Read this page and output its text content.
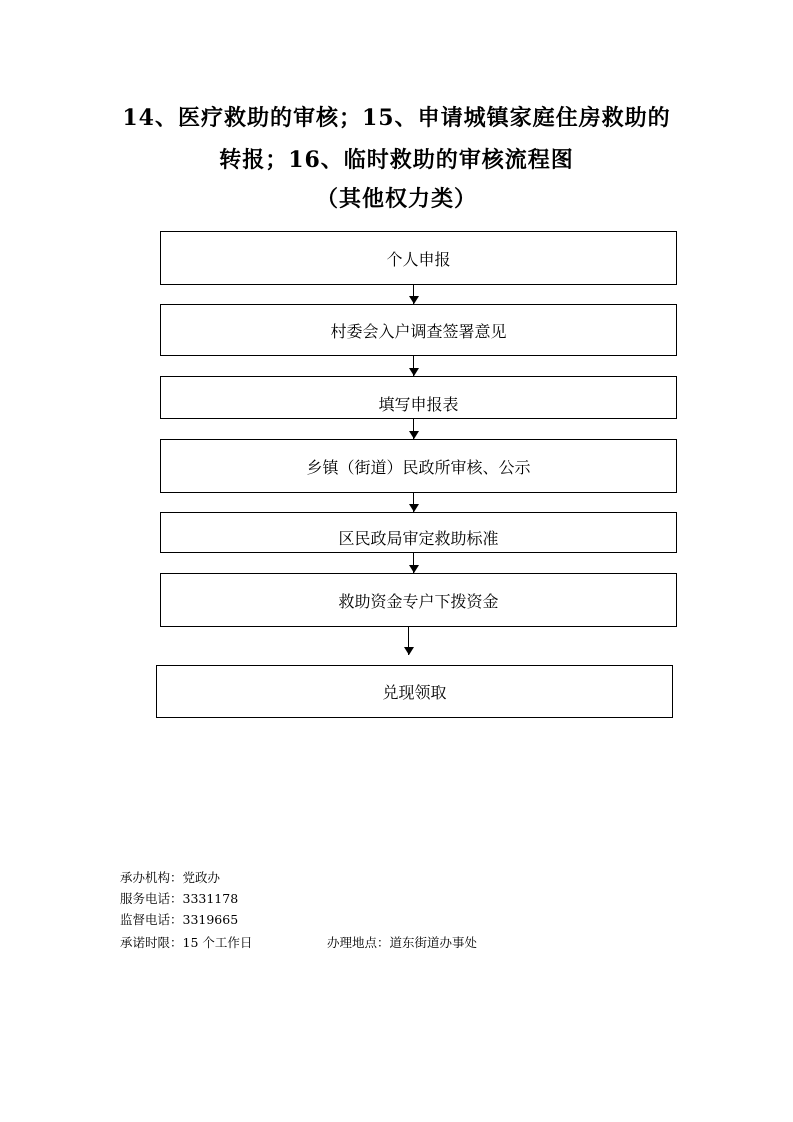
14、医疗救助的审核；15、申请城镇家庭住房救助的
转报；16、临时救助的审核流程图
（其他权力类）
个人申报
村委会入户调查签署意见
填写申报表
乡镇（街道）民政所审核、公示
区民政局审定救助标准
救助资金专户下拨资金
兑现领取
承办机构：党政办
服务电话：3331178
监督电话：3319665
承诺时限：15 个工作日	办理地点：道东街道办事处
